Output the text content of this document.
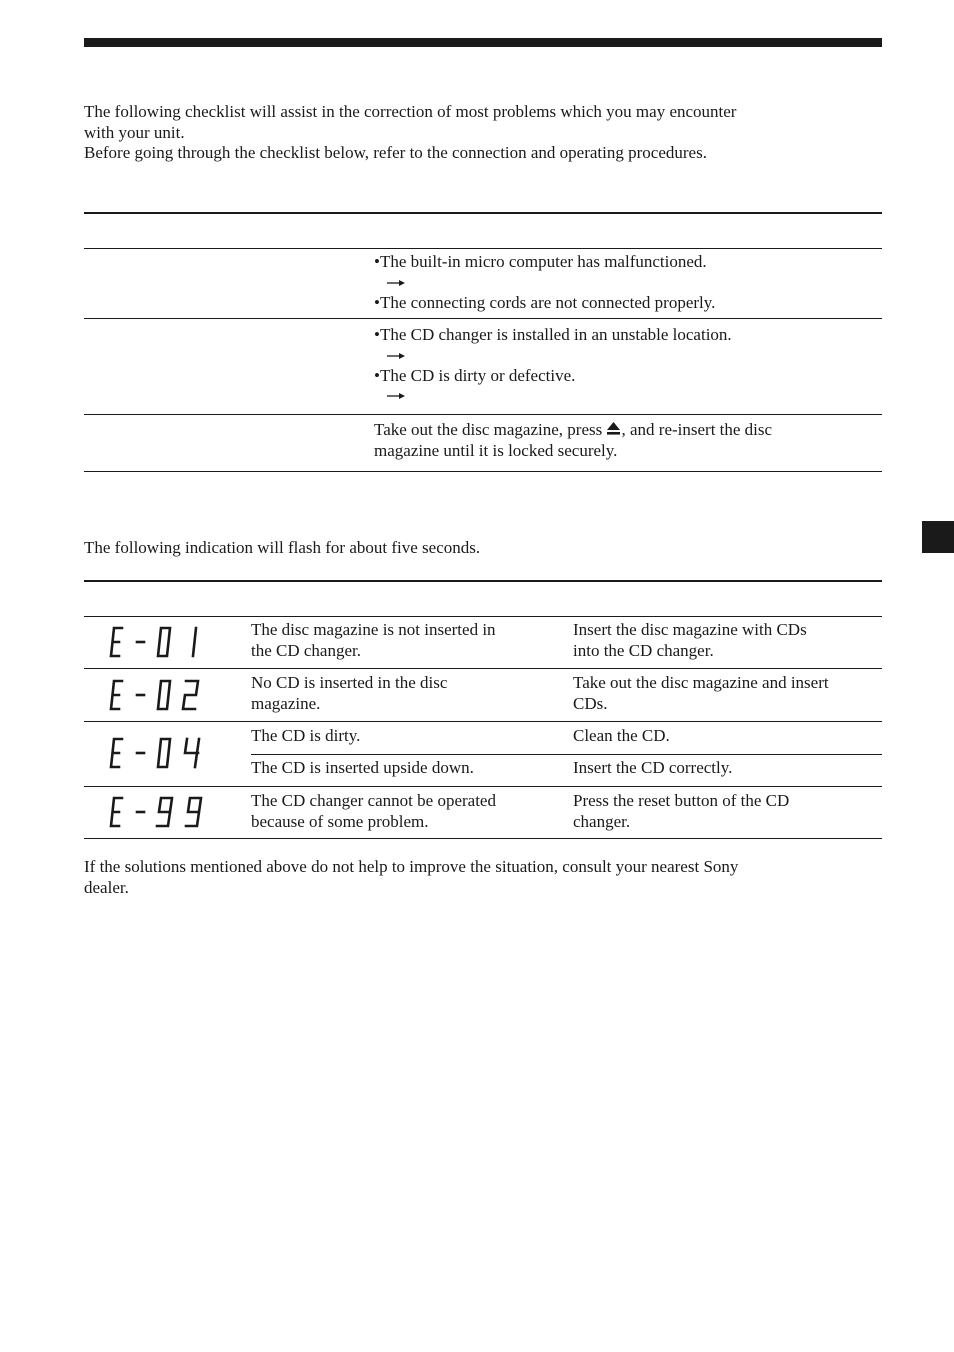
The following checklist will assist in the correction of most problems which you may encounter
with your unit.
Before going through the checklist below, refer to the connection and operating procedures.

•The built-in micro computer has malfunctioned.
•The connecting cords are not connected properly.
•The CD changer is installed in an unstable location.
•The CD is dirty or defective.
Take out the disc magazine, press , and re-insert the disc
magazine until it is locked securely.

The following indication will flash for about five seconds.

The disc magazine is not inserted in
the CD changer.
Insert the disc magazine with CDs
into the CD changer.
No CD is inserted in the disc
magazine.
Take out the disc magazine and insert
CDs.
The CD is dirty.	Clean the CD.
The CD is inserted upside down.	Insert the CD correctly.
The CD changer cannot be operated
because of some problem.
Press the reset button of the CD
changer.

If the solutions mentioned above do not help to improve the situation, consult your nearest Sony
dealer.
